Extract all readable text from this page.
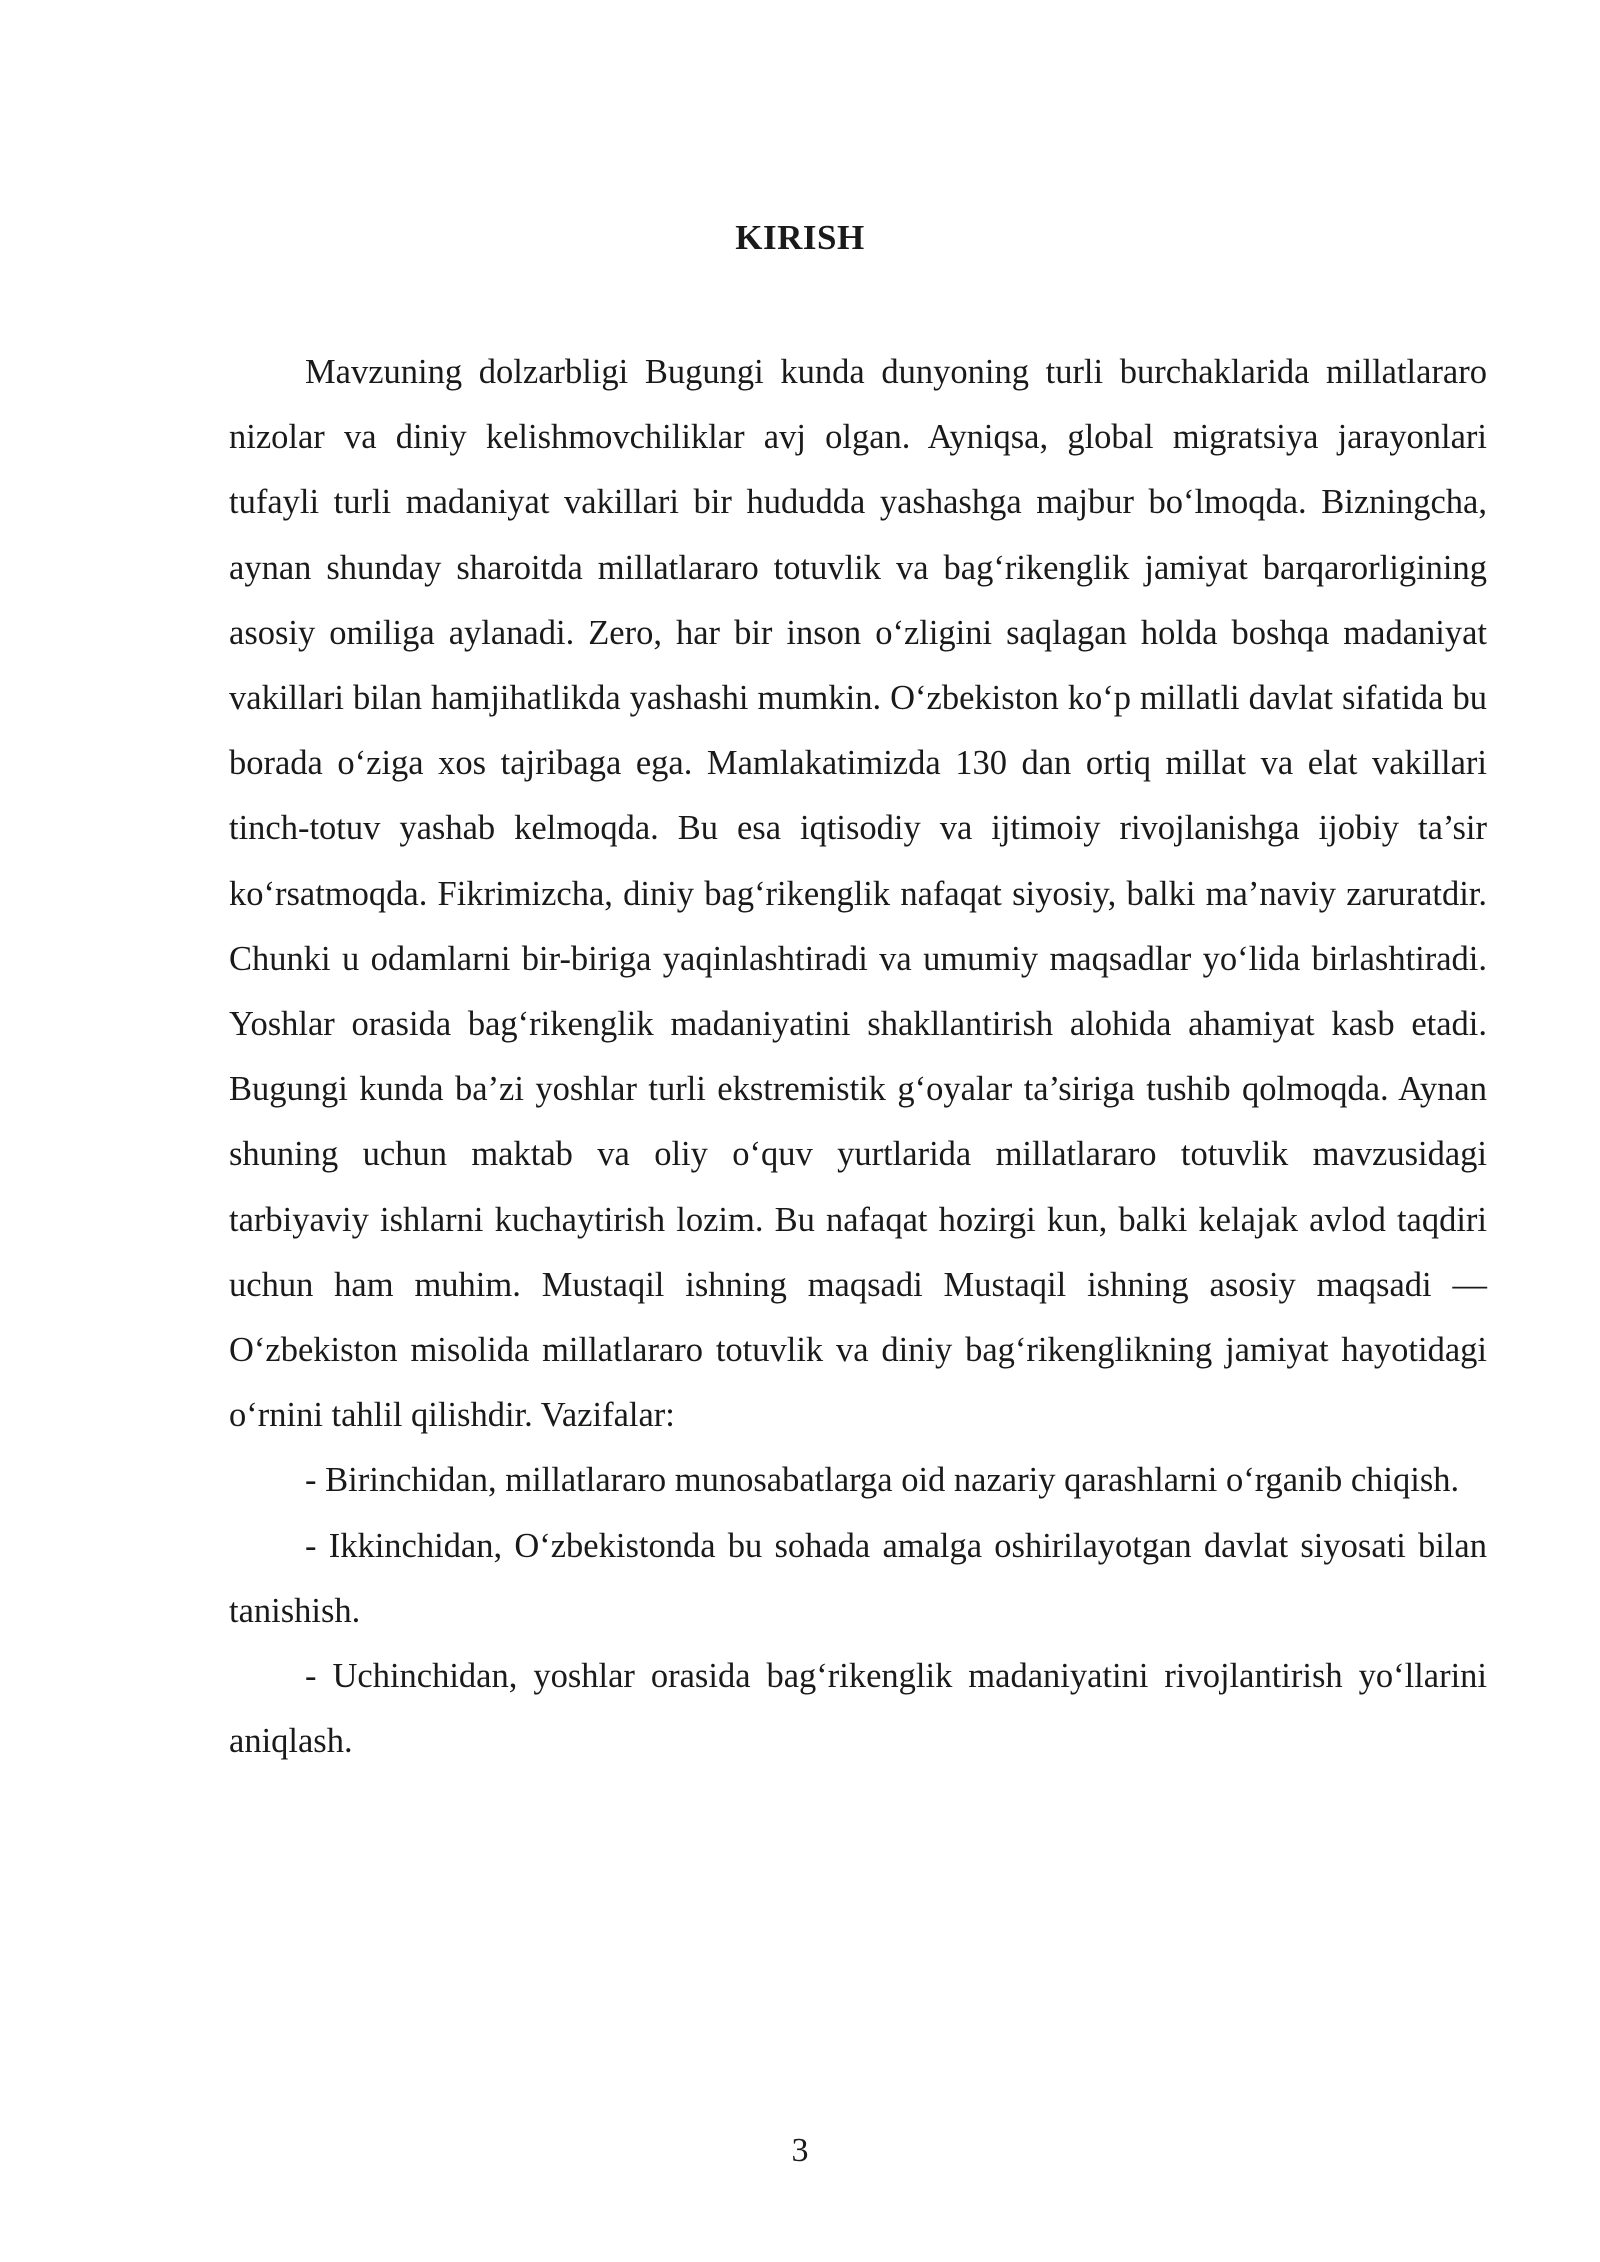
KIRISH

Mavzuning dolzarbligi Bugungi kunda dunyoning turli burchaklarida millatlararo nizolar va diniy kelishmovchiliklar avj olgan. Ayniqsa, global migratsiya jarayonlari tufayli turli madaniyat vakillari bir hududda yashashga majbur bo‘lmoqda. Bizningcha, aynan shunday sharoitda millatlararo totuvlik va bag‘rikenglik jamiyat barqarorligining asosiy omiliga aylanadi. Zero, har bir inson o‘zligini saqlagan holda boshqa madaniyat vakillari bilan hamjihatlikda yashashi mumkin. O‘zbekiston ko‘p millatli davlat sifatida bu borada o‘ziga xos tajribaga ega. Mamlakatimizda 130 dan ortiq millat va elat vakillari tinch-totuv yashab kelmoqda. Bu esa iqtisodiy va ijtimoiy rivojlanishga ijobiy ta’sir ko‘rsatmoqda. Fikrimizcha, diniy bag‘rikenglik nafaqat siyosiy, balki ma’naviy zaruratdir. Chunki u odamlarni bir-biriga yaqinlashtiradi va umumiy maqsadlar yo‘lida birlashtiradi. Yoshlar orasida bag‘rikenglik madaniyatini shakllantirish alohida ahamiyat kasb etadi. Bugungi kunda ba’zi yoshlar turli ekstremistik g‘oyalar ta’siriga tushib qolmoqda. Aynan shuning uchun maktab va oliy o‘quv yurtlarida millatlararo totuvlik mavzusidagi tarbiyaviy ishlarni kuchaytirish lozim. Bu nafaqat hozirgi kun, balki kelajak avlod taqdiri uchun ham muhim. Mustaqil ishning maqsadi Mustaqil ishning asosiy maqsadi — O‘zbekiston misolida millatlararo totuvlik va diniy bag‘rikenglikning jamiyat hayotidagi o‘rnini tahlil qilishdir. Vazifalar:

- Birinchidan, millatlararo munosabatlarga oid nazariy qarashlarni o‘rganib chiqish.

- Ikkinchidan, O‘zbekistonda bu sohada amalga oshirilayotgan davlat siyosati bilan tanishish.

- Uchinchidan, yoshlar orasida bag‘rikenglik madaniyatini rivojlantirish yo‘llarini aniqlash.

3
